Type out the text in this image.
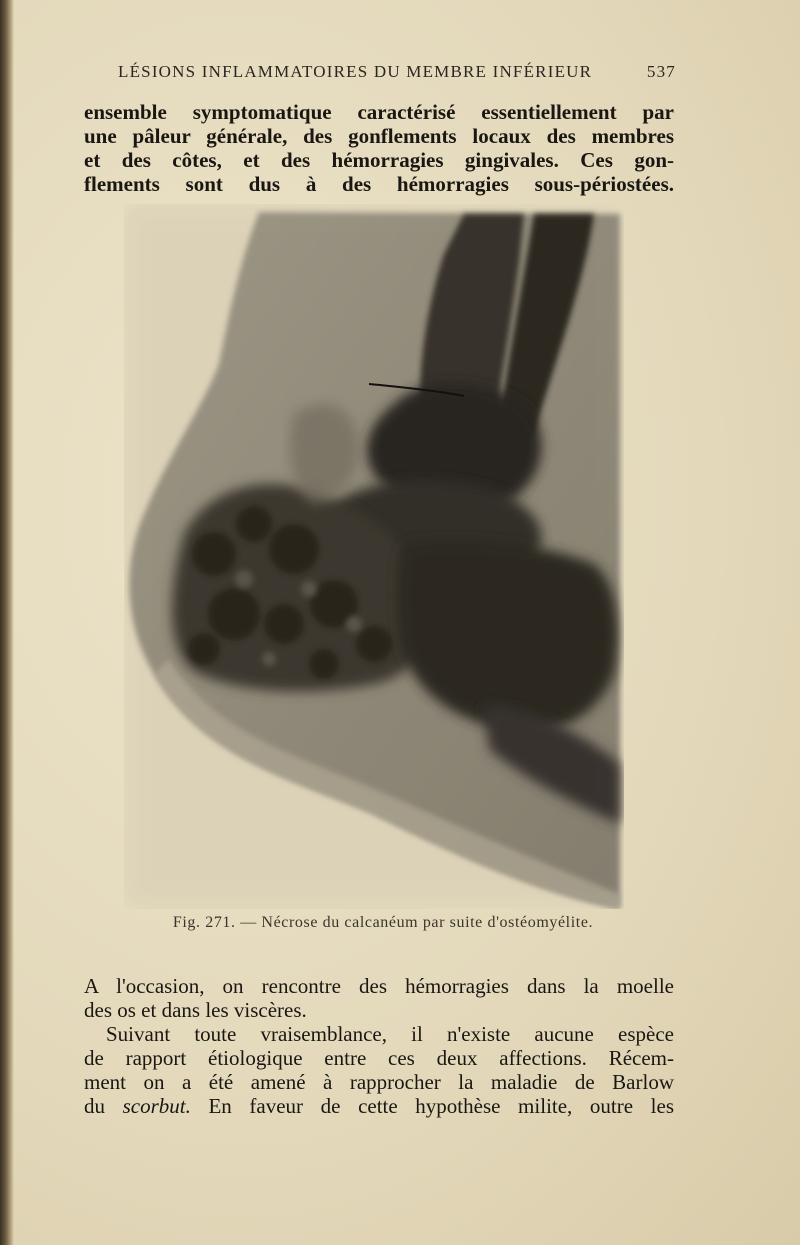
LÉSIONS INFLAMMATOIRES DU MEMBRE INFÉRIEUR	537
ensemble symptomatique caractérisé essentiellement par
une pâleur générale, des gonflements locaux des membres
et des côtes, et des hémorragies gingivales. Ces gon-
flements sont dus à des hémorragies sous-périostées.
Fig. 271. — Nécrose du calcanéum par suite d'ostéomyélite.
A l'occasion, on rencontre des hémorragies dans la moelle
des os et dans les viscères.
Suivant toute vraisemblance, il n'existe aucune espèce
de rapport étiologique entre ces deux affections. Récem-
ment on a été amené à rapprocher la maladie de Barlow
du scorbut. En faveur de cette hypothèse milite, outre les
